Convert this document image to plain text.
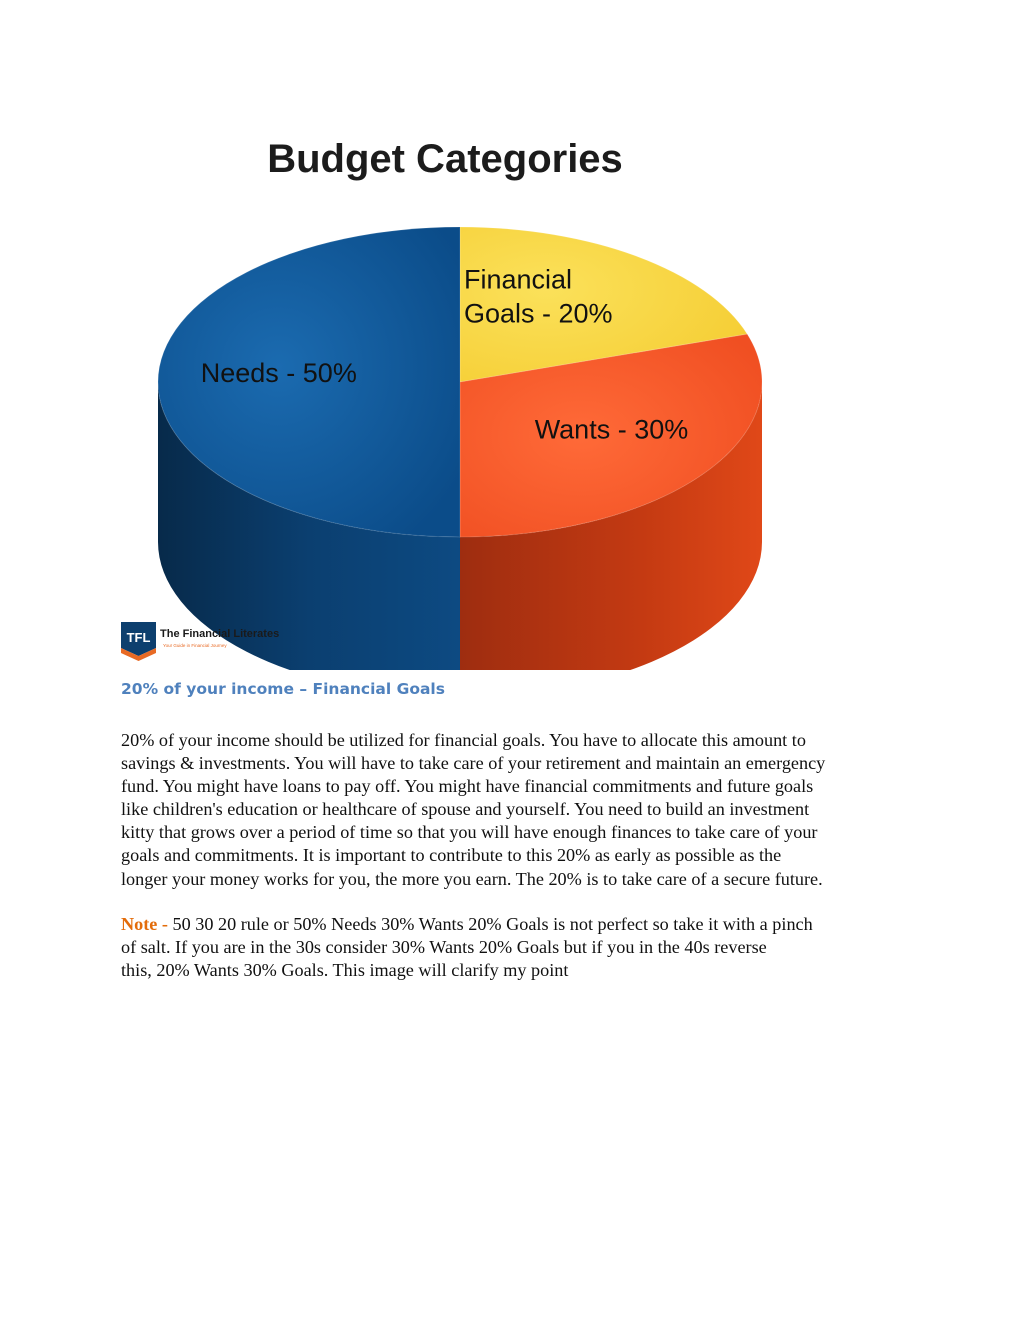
Budget Categories
Financial Goals - 20%
Wants - 30%
Needs - 50%
TFL The Financial Literates
Your Guide in Financial Journey
20% of your income – Financial Goals

20% of your income should be utilized for financial goals. You have to allocate this amount to
savings & investments. You will have to take care of your retirement and maintain an emergency
fund. You might have loans to pay off. You might have financial commitments and future goals
like children's education or healthcare of spouse and yourself. You need to build an investment
kitty that grows over a period of time so that you will have enough finances to take care of your
goals and commitments. It is important to contribute to this 20% as early as possible as the
longer your money works for you, the more you earn. The 20% is to take care of a secure future.

Note - 50 30 20 rule or 50% Needs 30% Wants 20% Goals is not perfect so take it with a pinch
of salt. If you are in the 30s consider 30% Wants 20% Goals but if you in the 40s reverse
this, 20% Wants 30% Goals. This image will clarify my point
